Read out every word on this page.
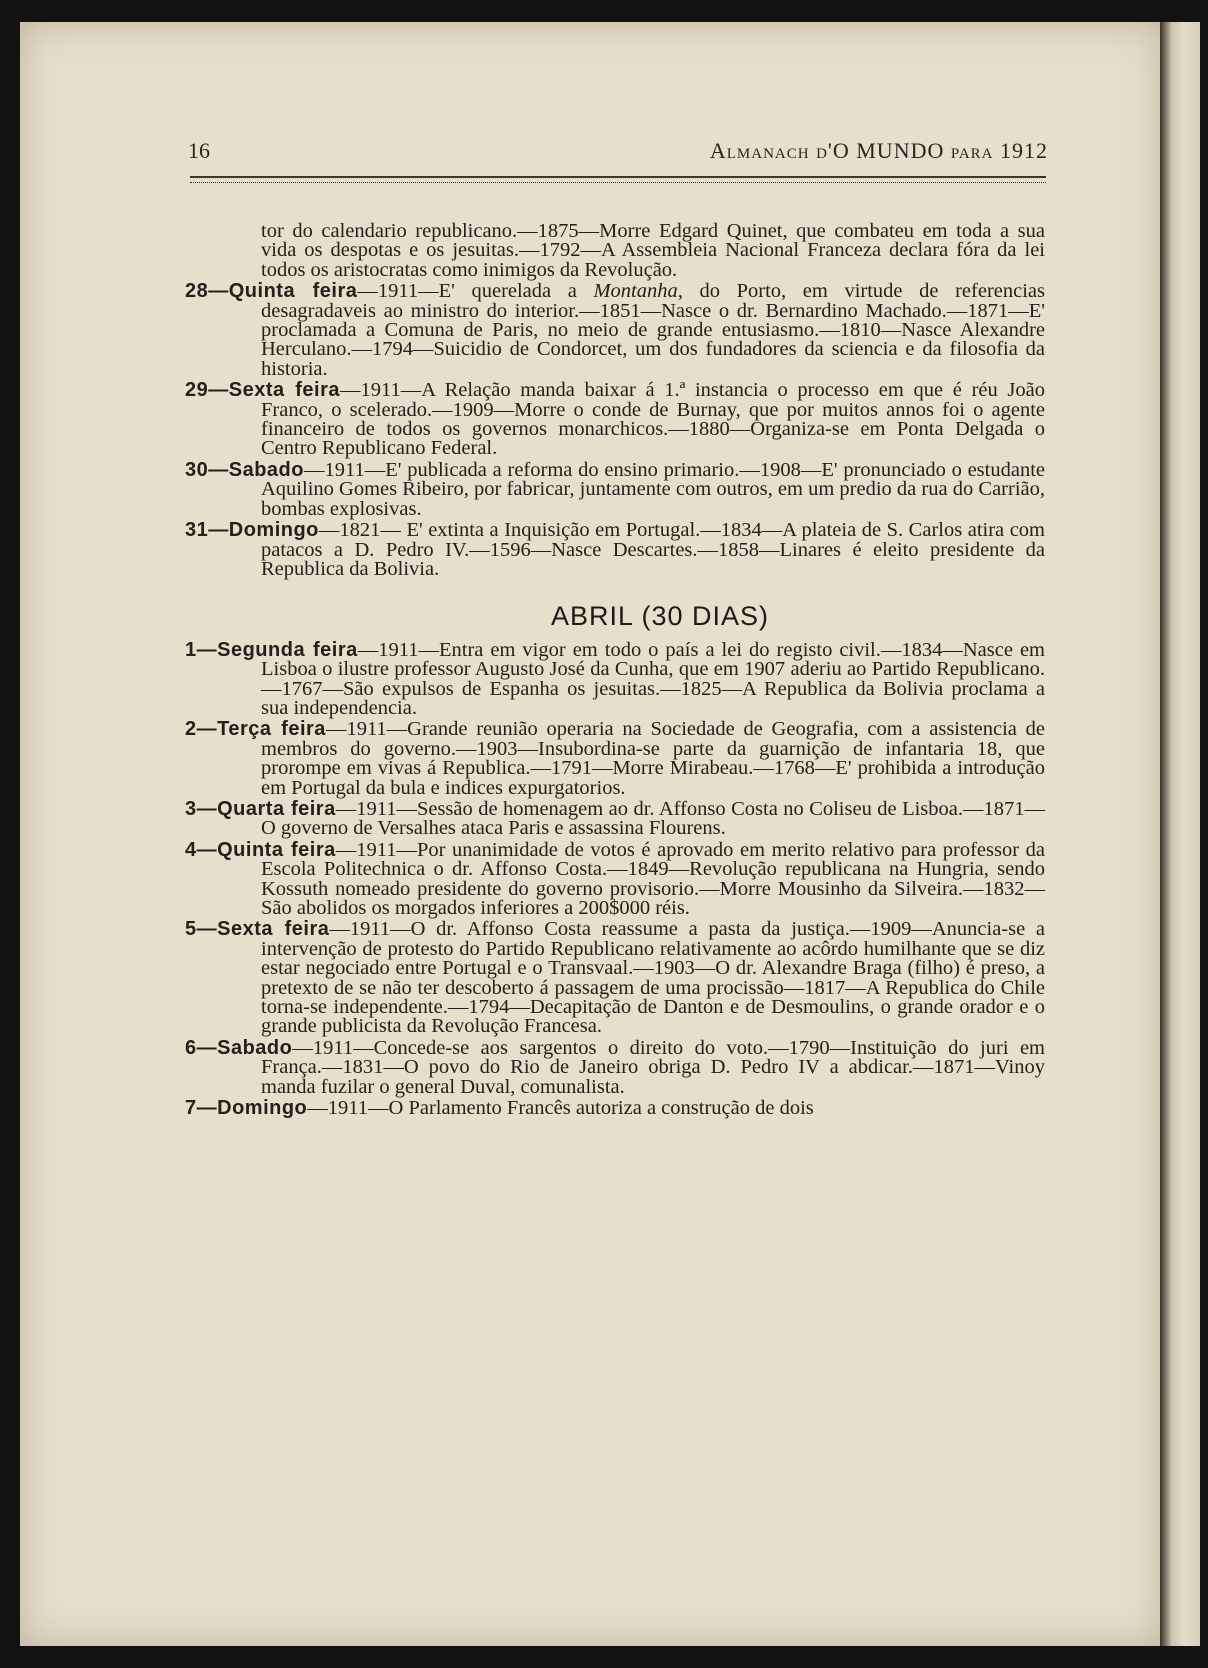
16	Almanach d'O MUNDO para 1912

tor do calendario republicano.—1875—Morre Edgard Quinet, que combateu em toda a sua vida os despotas e os jesuitas.—1792—A Assembleia Nacional Franceza declara fóra da lei todos os aristocratas como inimigos da Revolução.

28—Quinta feira—1911—E' querelada a Montanha, do Porto, em virtude de referencias desagradaveis ao ministro do interior.—1851—Nasce o dr. Bernardino Machado.—1871—E' proclamada a Comuna de Paris, no meio de grande entusiasmo.—1810—Nasce Alexandre Herculano.—1794—Suicidio de Condorcet, um dos fundadores da sciencia e da filosofia da historia.

29—Sexta feira—1911—A Relação manda baixar á 1.ª instancia o processo em que é réu João Franco, o scelerado.—1909—Morre o conde de Burnay, que por muitos annos foi o agente financeiro de todos os governos monarchicos.—1880—Organiza-se em Ponta Delgada o Centro Republicano Federal.

30—Sabado—1911—E' publicada a reforma do ensino primario.—1908—E' pronunciado o estudante Aquilino Gomes Ribeiro, por fabricar, juntamente com outros, em um predio da rua do Carrião, bombas explosivas.

31—Domingo—1821— E' extinta a Inquisição em Portugal.—1834—A plateia de S. Carlos atira com patacos a D. Pedro IV.—1596—Nasce Descartes.—1858—Linares é eleito presidente da Republica da Bolivia.

ABRIL (30 DIAS)

1—Segunda feira—1911—Entra em vigor em todo o país a lei do registo civil.—1834—Nasce em Lisboa o ilustre professor Augusto José da Cunha, que em 1907 aderiu ao Partido Republicano.—1767—São expulsos de Espanha os jesuitas.—1825—A Republica da Bolivia proclama a sua independencia.

2—Terça feira—1911—Grande reunião operaria na Sociedade de Geografia, com a assistencia de membros do governo.—1903—Insubordina-se parte da guarnição de infantaria 18, que prorompe em vivas á Republica.—1791—Morre Mirabeau.—1768—E' prohibida a introdução em Portugal da bula e indices expurgatorios.

3—Quarta feira—1911—Sessão de homenagem ao dr. Affonso Costa no Coliseu de Lisboa.—1871—O governo de Versalhes ataca Paris e assassina Flourens.

4—Quinta feira—1911—Por unanimidade de votos é aprovado em merito relativo para professor da Escola Politechnica o dr. Affonso Costa.—1849—Revolução republicana na Hungria, sendo Kossuth nomeado presidente do governo provisorio.—Morre Mousinho da Silveira.—1832—São abolidos os morgados inferiores a 200$000 réis.

5—Sexta feira—1911—O dr. Affonso Costa reassume a pasta da justiça.—1909—Anuncia-se a intervenção de protesto do Partido Republicano relativamente ao acôrdo humilhante que se diz estar negociado entre Portugal e o Transvaal.—1903—O dr. Alexandre Braga (filho) é preso, a pretexto de se não ter descoberto á passagem de uma procissão—1817—A Republica do Chile torna-se independente.—1794—Decapitação de Danton e de Desmoulins, o grande orador e o grande publicista da Revolução Francesa.

6—Sabado—1911—Concede-se aos sargentos o direito do voto.—1790—Instituição do juri em França.—1831—O povo do Rio de Janeiro obriga D. Pedro IV a abdicar.—1871—Vinoy manda fuzilar o general Duval, comunalista.

7—Domingo—1911—O Parlamento Francês autoriza a construção de dois
